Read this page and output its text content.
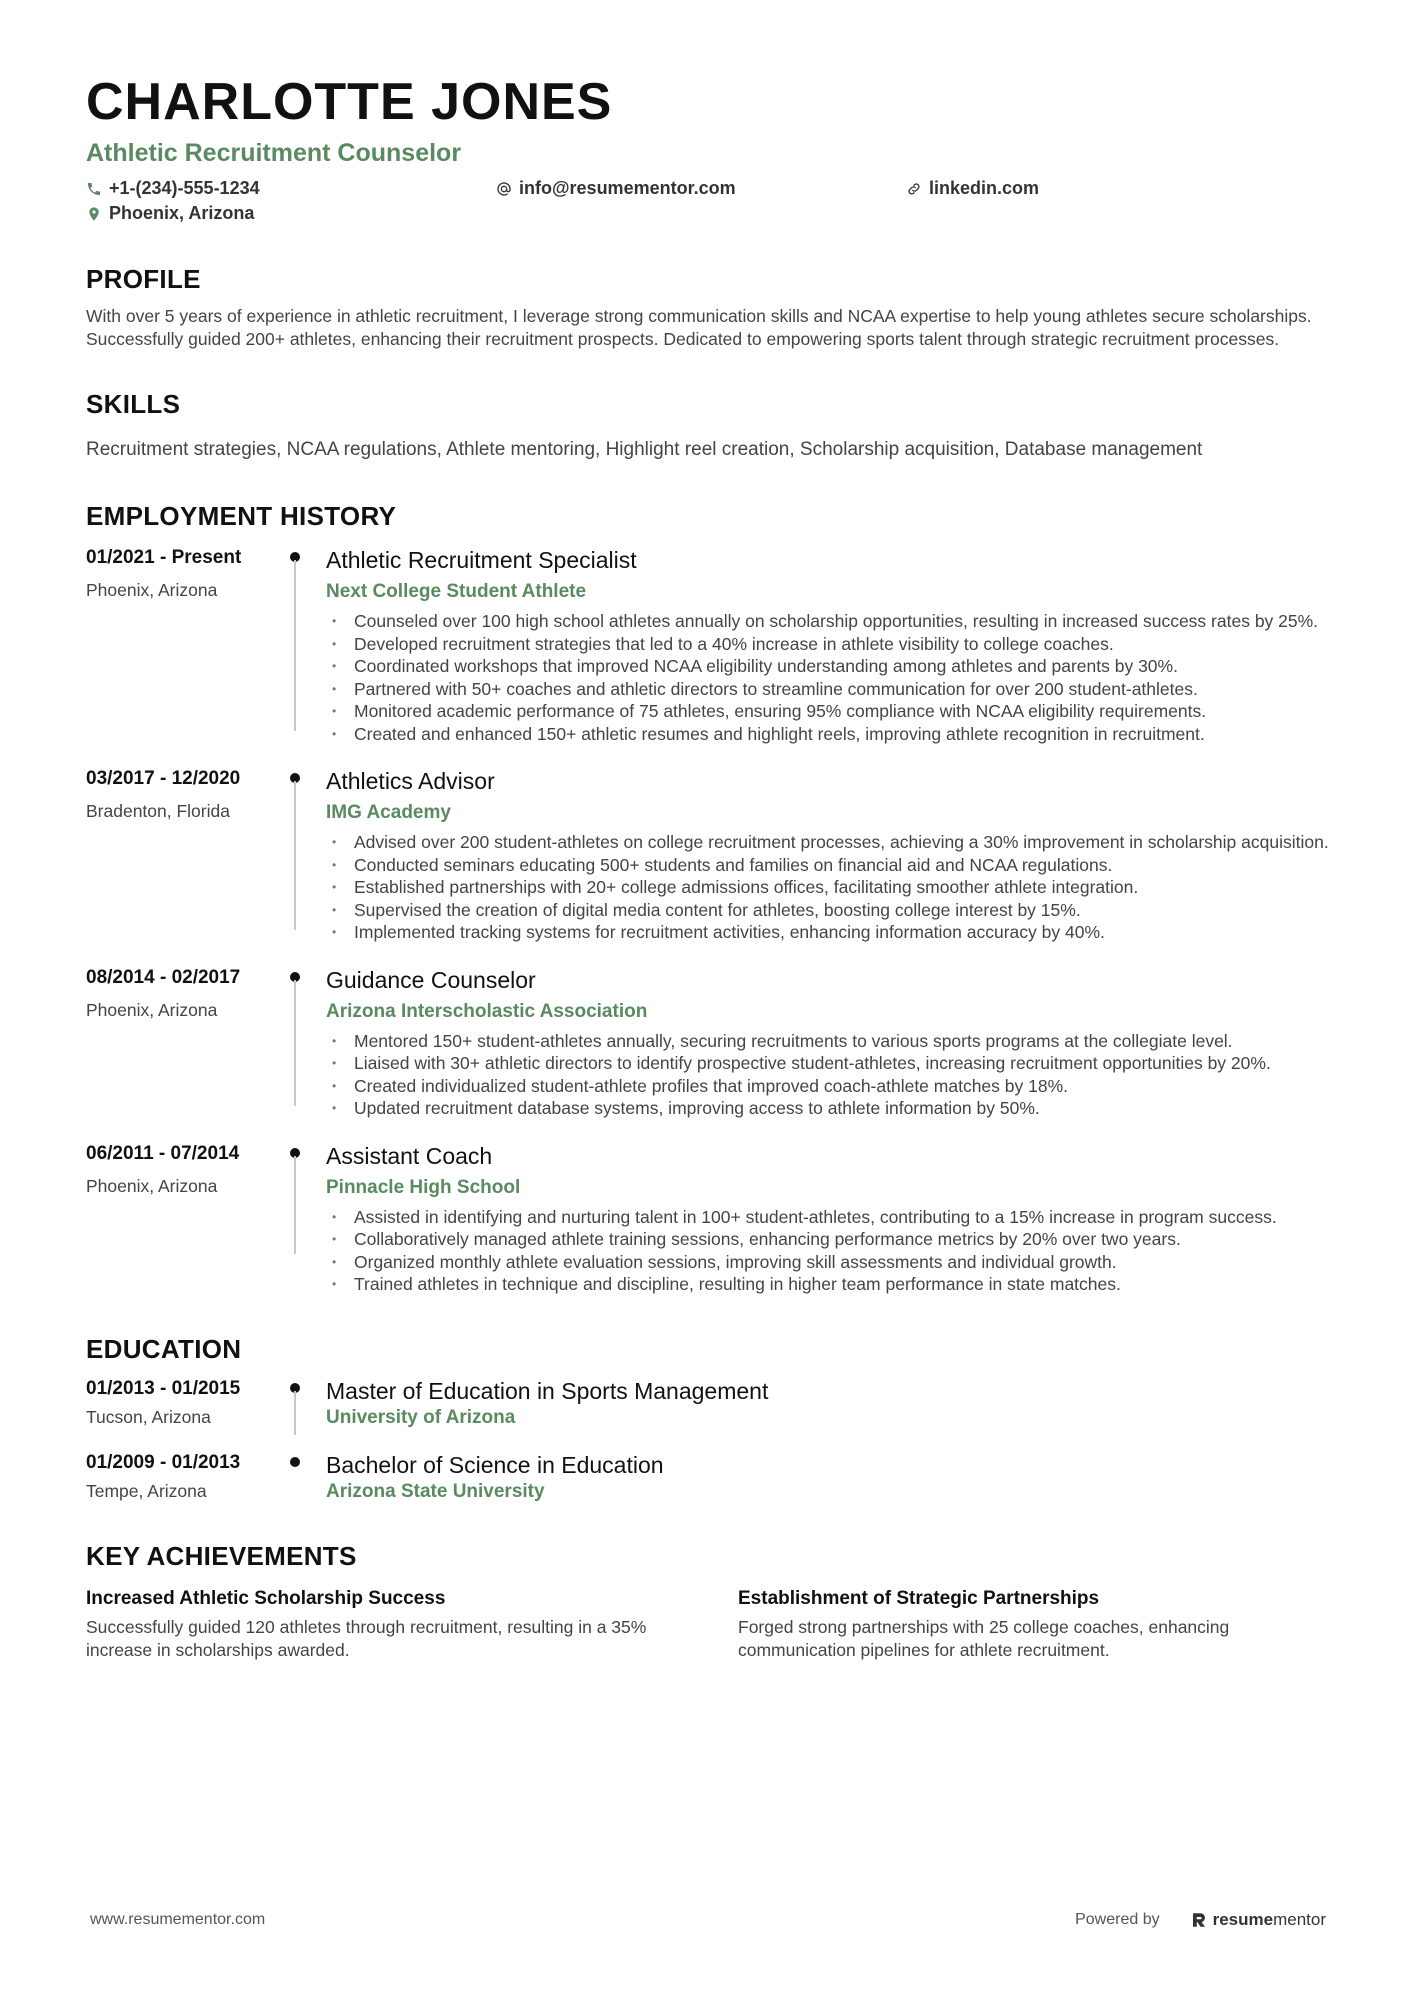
CHARLOTTE JONES
Athletic Recruitment Counselor
+1-(234)-555-1234	info@resumementor.com	linkedin.com
Phoenix, Arizona
PROFILE
With over 5 years of experience in athletic recruitment, I leverage strong communication skills and NCAA expertise to help young athletes secure scholarships. Successfully guided 200+ athletes, enhancing their recruitment prospects. Dedicated to empowering sports talent through strategic recruitment processes.
SKILLS
Recruitment strategies, NCAA regulations, Athlete mentoring, Highlight reel creation, Scholarship acquisition, Database management
EMPLOYMENT HISTORY
01/2021 - Present
Phoenix, Arizona
Athletic Recruitment Specialist
Next College Student Athlete
• Counseled over 100 high school athletes annually on scholarship opportunities, resulting in increased success rates by 25%.
• Developed recruitment strategies that led to a 40% increase in athlete visibility to college coaches.
• Coordinated workshops that improved NCAA eligibility understanding among athletes and parents by 30%.
• Partnered with 50+ coaches and athletic directors to streamline communication for over 200 student-athletes.
• Monitored academic performance of 75 athletes, ensuring 95% compliance with NCAA eligibility requirements.
• Created and enhanced 150+ athletic resumes and highlight reels, improving athlete recognition in recruitment.
03/2017 - 12/2020
Bradenton, Florida
Athletics Advisor
IMG Academy
• Advised over 200 student-athletes on college recruitment processes, achieving a 30% improvement in scholarship acquisition.
• Conducted seminars educating 500+ students and families on financial aid and NCAA regulations.
• Established partnerships with 20+ college admissions offices, facilitating smoother athlete integration.
• Supervised the creation of digital media content for athletes, boosting college interest by 15%.
• Implemented tracking systems for recruitment activities, enhancing information accuracy by 40%.
08/2014 - 02/2017
Phoenix, Arizona
Guidance Counselor
Arizona Interscholastic Association
• Mentored 150+ student-athletes annually, securing recruitments to various sports programs at the collegiate level.
• Liaised with 30+ athletic directors to identify prospective student-athletes, increasing recruitment opportunities by 20%.
• Created individualized student-athlete profiles that improved coach-athlete matches by 18%.
• Updated recruitment database systems, improving access to athlete information by 50%.
06/2011 - 07/2014
Phoenix, Arizona
Assistant Coach
Pinnacle High School
• Assisted in identifying and nurturing talent in 100+ student-athletes, contributing to a 15% increase in program success.
• Collaboratively managed athlete training sessions, enhancing performance metrics by 20% over two years.
• Organized monthly athlete evaluation sessions, improving skill assessments and individual growth.
• Trained athletes in technique and discipline, resulting in higher team performance in state matches.
EDUCATION
01/2013 - 01/2015
Tucson, Arizona
Master of Education in Sports Management
University of Arizona
01/2009 - 01/2013
Tempe, Arizona
Bachelor of Science in Education
Arizona State University
KEY ACHIEVEMENTS
Increased Athletic Scholarship Success
Successfully guided 120 athletes through recruitment, resulting in a 35% increase in scholarships awarded.
Establishment of Strategic Partnerships
Forged strong partnerships with 25 college coaches, enhancing communication pipelines for athlete recruitment.
www.resumementor.com	Powered by	resume mentor
